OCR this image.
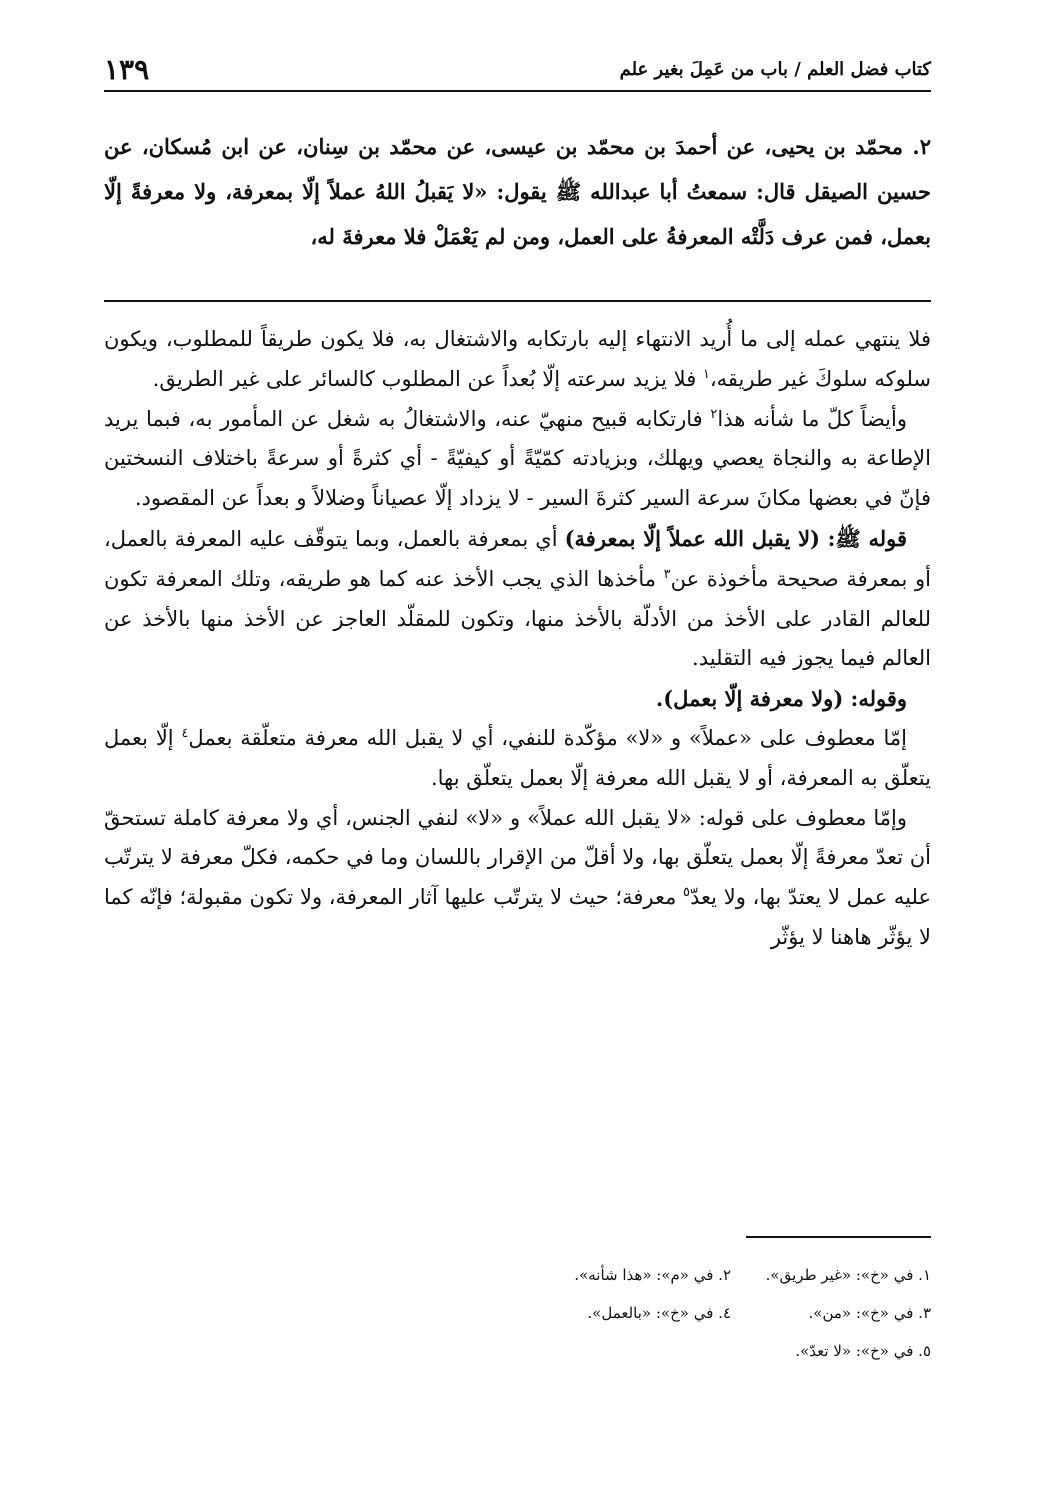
كتاب فضل العلم / باب من عَمِلَ بغير علم
١٣٩

٢. محمّد بن يحيى، عن أحمدَ بن محمّد بن عيسى، عن محمّد بن سِنان، عن ابن مُسكان، عن حسين الصيقل قال: سمعتُ أبا عبدالله ﷺ يقول: «لا يَقبلُ اللهُ عملاً إلّا بمعرفة، ولا معرفةً إلّا بعمل، فمن عرف دَلَّتْه المعرفةُ على العمل، ومن لم يَعْمَلْ فلا معرفةَ له،

فلا ينتهي عمله إلى ما أُريد الانتهاء إليه بارتكابه والاشتغال به، فلا يكون طريقاً للمطلوب، ويكون سلوكه سلوكَ غير طريقه،$^١$ فلا يزيد سرعته إلّا بُعداً عن المطلوب كالسائر على غير الطريق.

وأيضاً كلّ ما شأنه هذا$^٢$ فارتكابه قبيح منهيّ عنه، والاشتغالُ به شغل عن المأمور به، فبما يريد الإطاعة به والنجاة يعصي ويهلك، وبزيادته كمّيّةً أو كيفيّةً - أي كثرةً أو سرعةً باختلاف النسختين فإنّ في بعضها مكانَ سرعة السير كثرةَ السير - لا يزداد إلّا عصياناً وضلالاً و بعداً عن المقصود.

قوله ﷺ: (لا يقبل الله عملاً إلّا بمعرفة) أي بمعرفة بالعمل، وبما يتوقّف عليه المعرفة بالعمل، أو بمعرفة صحيحة مأخوذة عن$^٣$ مأخذها الذي يجب الأخذ عنه كما هو طريقه، وتلك المعرفة تكون للعالم القادر على الأخذ من الأدلّة بالأخذ منها، وتكون للمقلّد العاجز عن الأخذ منها بالأخذ عن العالم فيما يجوز فيه التقليد.

وقوله: (ولا معرفة إلّا بعمل).

إمّا معطوف على «عملاً» و «لا» مؤكّدة للنفي، أي لا يقبل الله معرفة متعلّقة بعمل$^٤$ إلّا بعمل يتعلّق به المعرفة، أو لا يقبل الله معرفة إلّا بعمل يتعلّق بها.

وإمّا معطوف على قوله: «لا يقبل الله عملاً» و «لا» لنفي الجنس، أي ولا معرفة كاملة تستحقّ أن تعدّ معرفةً إلّا بعمل يتعلّق بها، ولا أقلّ من الإقرار باللسان وما في حكمه، فكلّ معرفة لا يترتّب عليه عمل لا يعتدّ بها، ولا يعدّ$^٥$ معرفة؛ حيث لا يترتّب عليها آثار المعرفة، ولا تكون مقبولة؛ فإنّه كما لا يؤثّر هاهنا لا يؤثّر

١. في «خ»: «غير طريق».
٢. في «م»: «هذا شأنه».
٣. في «خ»: «من».
٤. في «خ»: «بالعمل».
٥. في «خ»: «لا تعدّ».
